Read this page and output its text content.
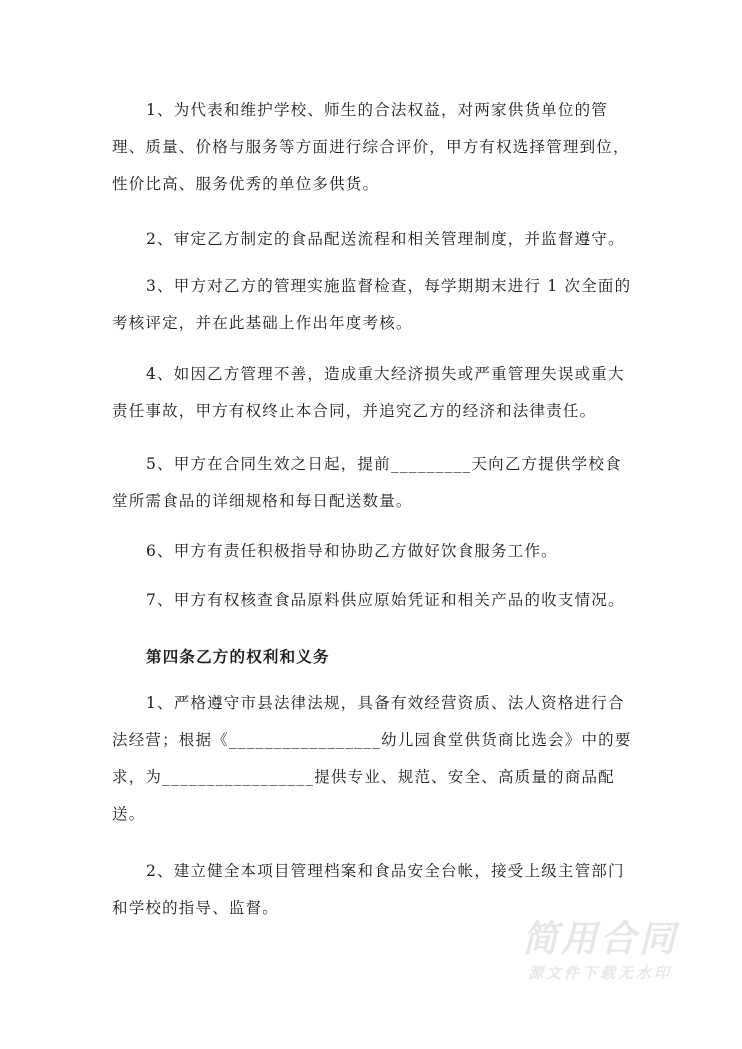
1、为代表和维护学校、师生的合法权益，对两家供货单位的管理、质量、价格与服务等方面进行综合评价，甲方有权选择管理到位，性价比高、服务优秀的单位多供货。

2、审定乙方制定的食品配送流程和相关管理制度，并监督遵守。

3、甲方对乙方的管理实施监督检查，每学期期末进行 1 次全面的考核评定，并在此基础上作出年度考核。

4、如因乙方管理不善，造成重大经济损失或严重管理失误或重大责任事故，甲方有权终止本合同，并追究乙方的经济和法律责任。

5、甲方在合同生效之日起，提前_________天向乙方提供学校食堂所需食品的详细规格和每日配送数量。

6、甲方有责任积极指导和协助乙方做好饮食服务工作。

7、甲方有权核查食品原料供应原始凭证和相关产品的收支情况。

第四条乙方的权利和义务

1、严格遵守市县法律法规，具备有效经营资质、法人资格进行合法经营；根据《_________________幼儿园食堂供货商比选会》中的要求，为_________________提供专业、规范、安全、高质量的商品配送。

2、建立健全本项目管理档案和食品安全台帐，接受上级主管部门和学校的指导、监督。

简用合同
源文件下载无水印
